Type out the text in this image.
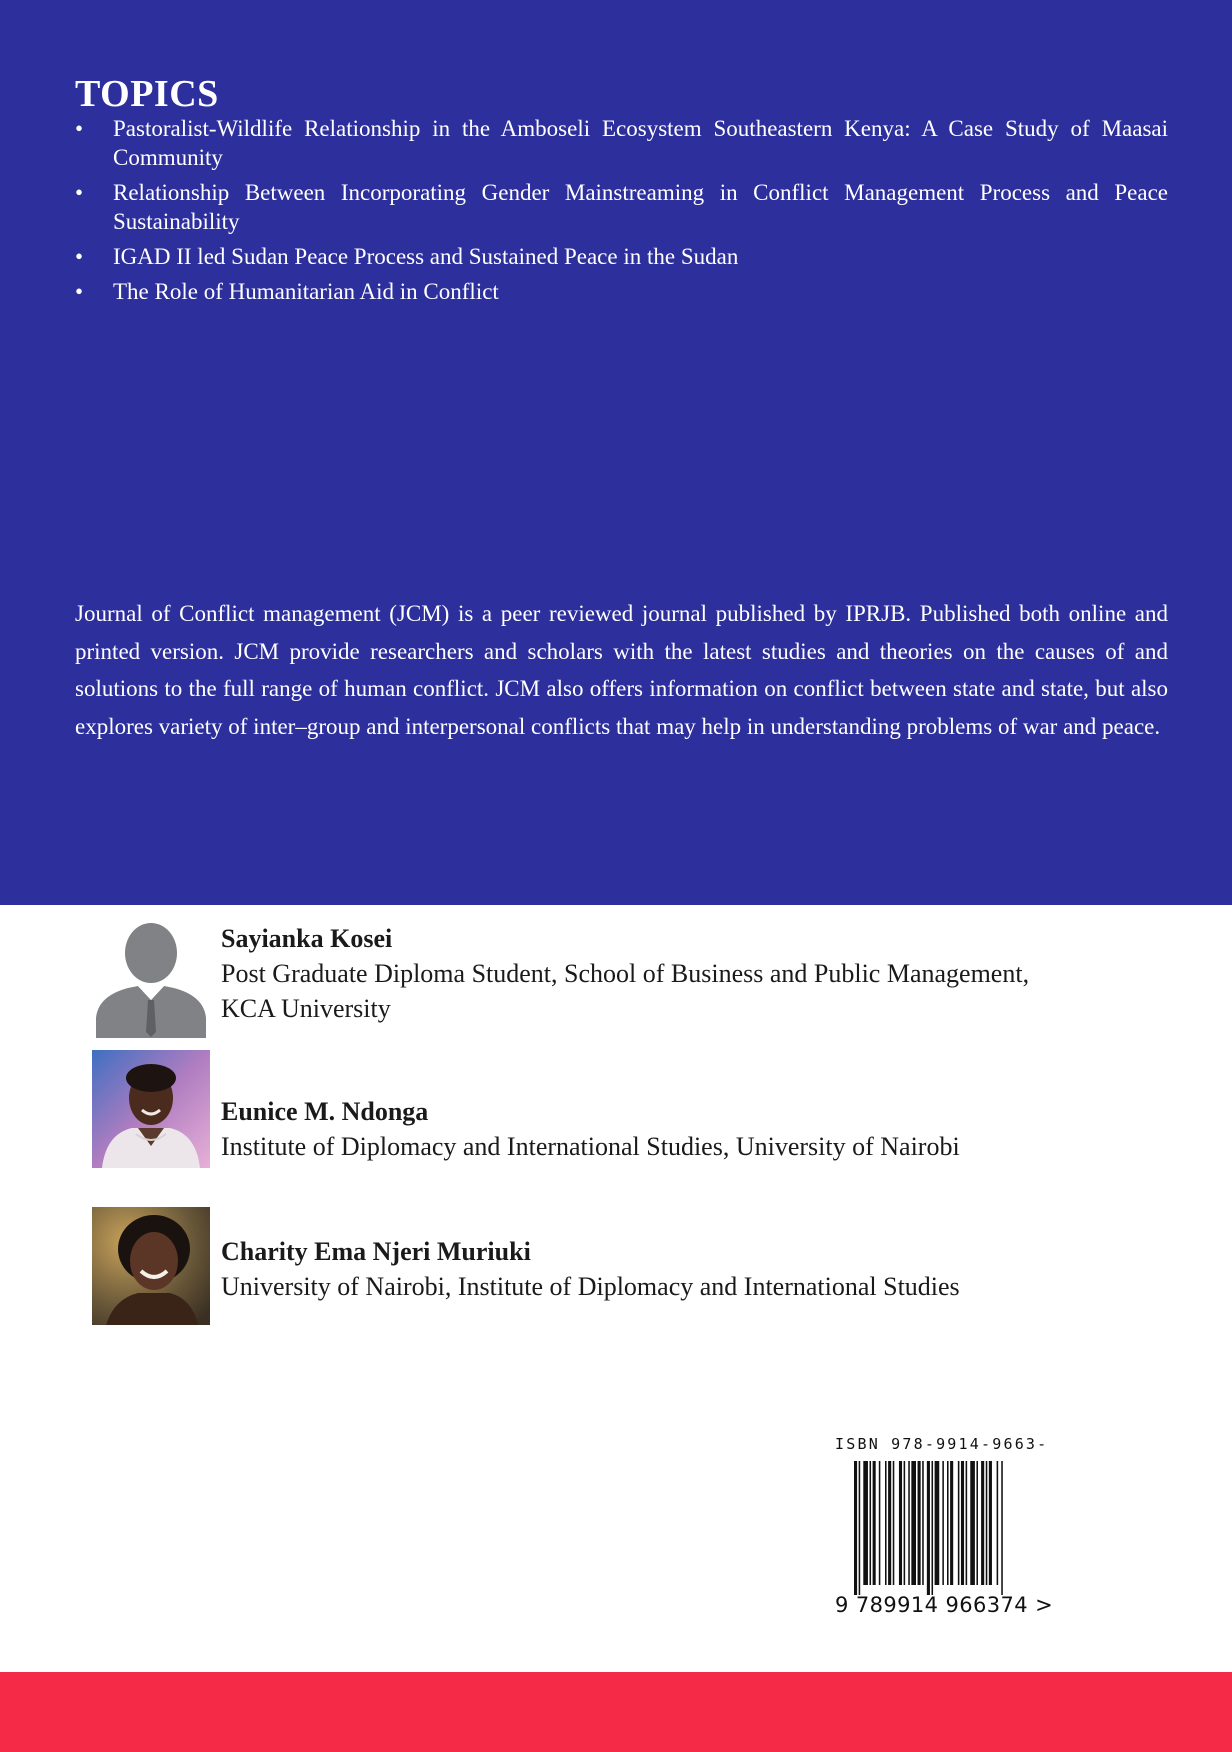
TOPICS
• Pastoralist-Wildlife Relationship in the Amboseli Ecosystem Southeastern Kenya: A Case Study of Maasai Community
• Relationship Between Incorporating Gender Mainstreaming in Conflict Management Process and Peace Sustainability
• IGAD II led Sudan Peace Process and Sustained Peace in the Sudan
• The Role of Humanitarian Aid in Conflict

Journal of Conflict management (JCM) is a peer reviewed journal published by IPRJB. Published both online and printed version. JCM provide researchers and scholars with the latest studies and theories on the causes of and solutions to the full range of human conflict. JCM also offers information on conflict between state and state, but also explores variety of inter–group and interpersonal conflicts that may help in understanding problems of war and peace.

Sayianka Kosei
Post Graduate Diploma Student, School of Business and Public Management,
KCA University
Eunice M. Ndonga
Institute of Diplomacy and International Studies, University of Nairobi
Charity Ema Njeri Muriuki
University of Nairobi, Institute of Diplomacy and International Studies
ISBN 978-9914-9663-
9 789914 966374 >
